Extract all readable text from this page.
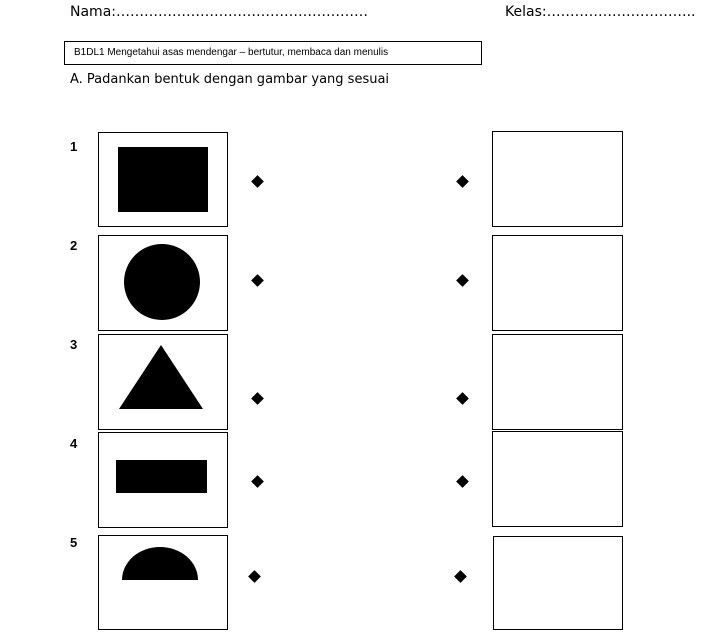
Nama:………………………………………………	Kelas:…………………………..
B1DL1 Mengetahui asas mendengar – bertutur, membaca dan menulis
A. Padankan bentuk dengan gambar yang sesuai
1
2
3
4
5
